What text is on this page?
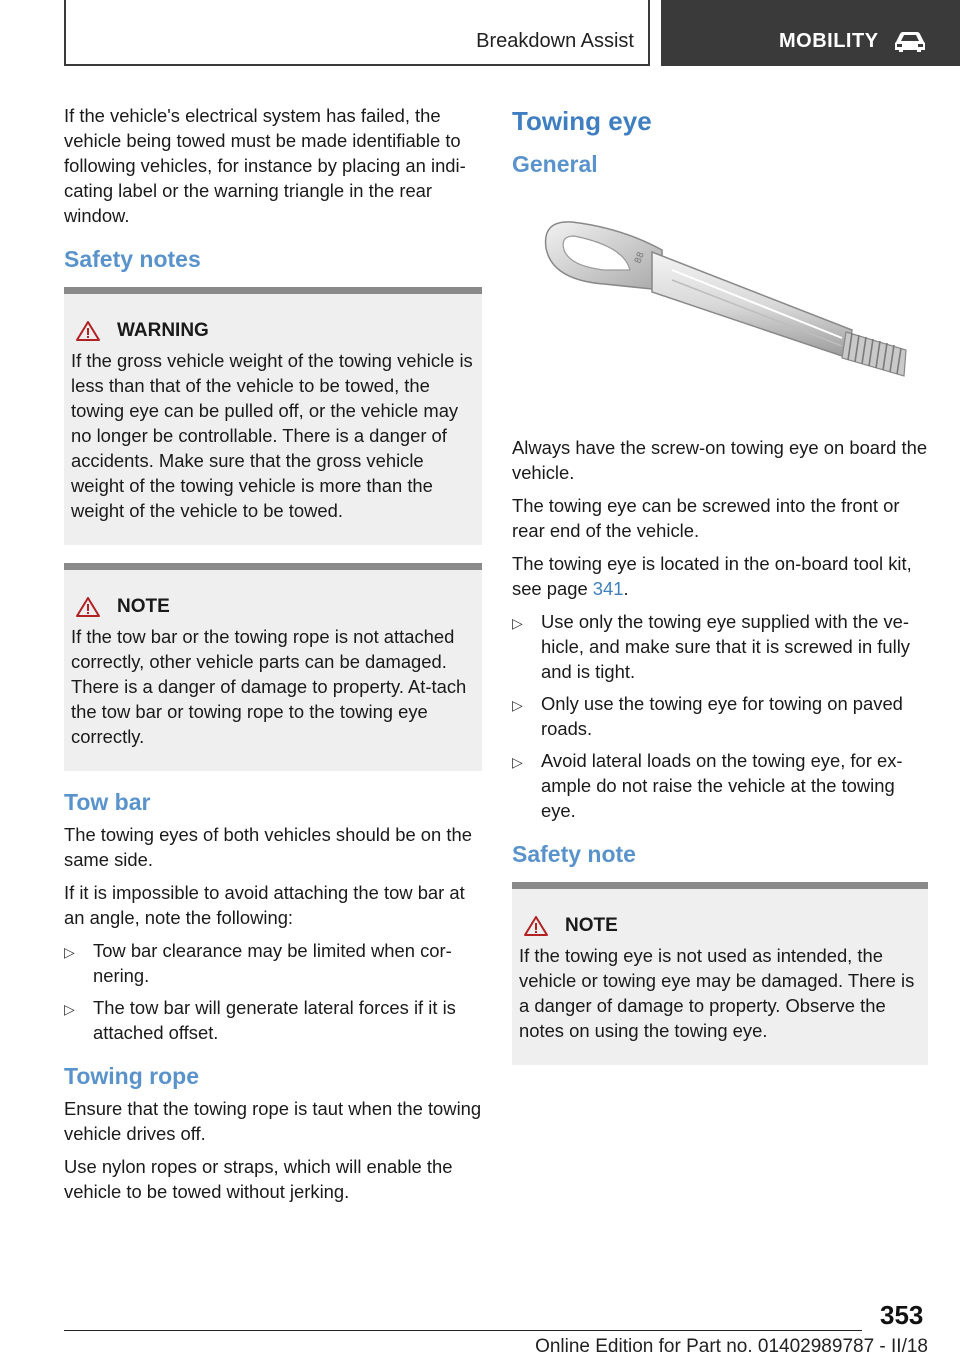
Breakdown Assist	MOBILITY

If the vehicle's electrical system has failed, the vehicle being towed must be made identifiable to following vehicles, for instance by placing an indi-cating label or the warning triangle in the rear window.

Safety notes
WARNING

If the gross vehicle weight of the towing vehicle is less than that of the vehicle to be towed, the towing eye can be pulled off, or the vehicle may no longer be controllable. There is a danger of accidents. Make sure that the gross vehicle weight of the towing vehicle is more than the weight of the vehicle to be towed.

NOTE

If the tow bar or the towing rope is not attached correctly, other vehicle parts can be damaged. There is a danger of damage to property. At-tach the tow bar or towing rope to the towing eye correctly.

Tow bar

The towing eyes of both vehicles should be on the same side.

If it is impossible to avoid attaching the tow bar at an angle, note the following:

▷ Tow bar clearance may be limited when cor-nering.
▷ The tow bar will generate lateral forces if it is attached offset.
Towing rope

Ensure that the towing rope is taut when the towing vehicle drives off.

Use nylon ropes or straps, which will enable the vehicle to be towed without jerking.

Towing eye
General
88

Always have the screw-on towing eye on board the vehicle.

The towing eye can be screwed into the front or rear end of the vehicle.

The towing eye is located in the on-board tool kit, see page 341.

▷ Use only the towing eye supplied with the ve-hicle, and make sure that it is screwed in fully and is tight.
▷ Only use the towing eye for towing on paved roads.
▷ Avoid lateral loads on the towing eye, for ex-ample do not raise the vehicle at the towing eye.
Safety note
NOTE

If the towing eye is not used as intended, the vehicle or towing eye may be damaged. There is a danger of damage to property. Observe the notes on using the towing eye.

353
Online Edition for Part no. 01402989787 - II/18
